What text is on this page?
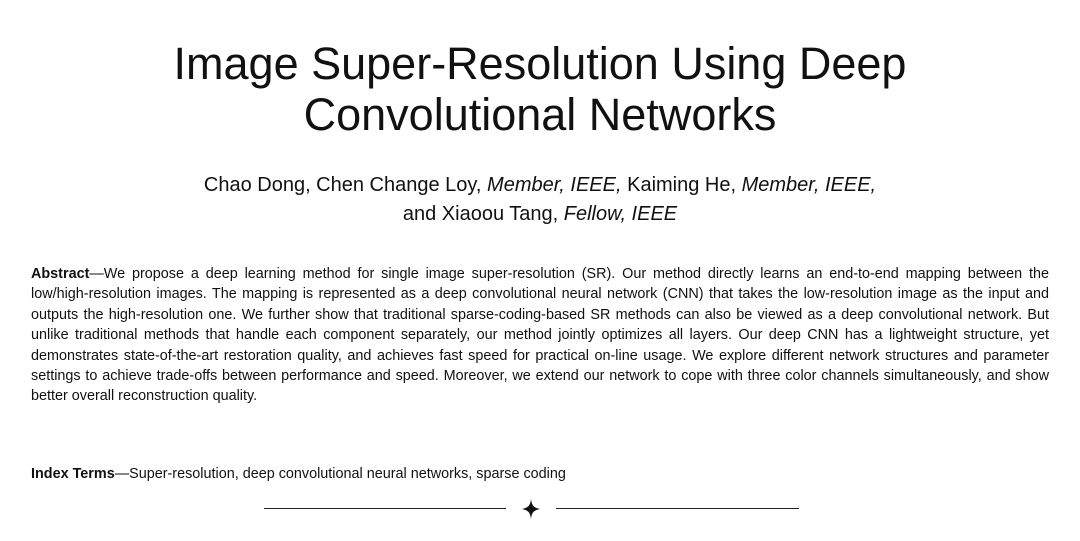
Image Super-Resolution Using Deep
Convolutional Networks
Chao Dong, Chen Change Loy, Member, IEEE, Kaiming He, Member, IEEE,
and Xiaoou Tang, Fellow, IEEE

Abstract—We propose a deep learning method for single image super-resolution (SR). Our method directly learns an end-to-end mapping between the low/high-resolution images. The mapping is represented as a deep convolutional neural network (CNN) that takes the low-resolution image as the input and outputs the high-resolution one. We further show that traditional sparse-coding-based SR methods can also be viewed as a deep convolutional network. But unlike traditional methods that handle each component separately, our method jointly optimizes all layers. Our deep CNN has a lightweight structure, yet demonstrates state-of-the-art restoration quality, and achieves fast speed for practical on-line usage. We explore different network structures and parameter settings to achieve trade-offs between performance and speed. Moreover, we extend our network to cope with three color channels simultaneously, and show better overall reconstruction quality.

Index Terms—Super-resolution, deep convolutional neural networks, sparse coding
